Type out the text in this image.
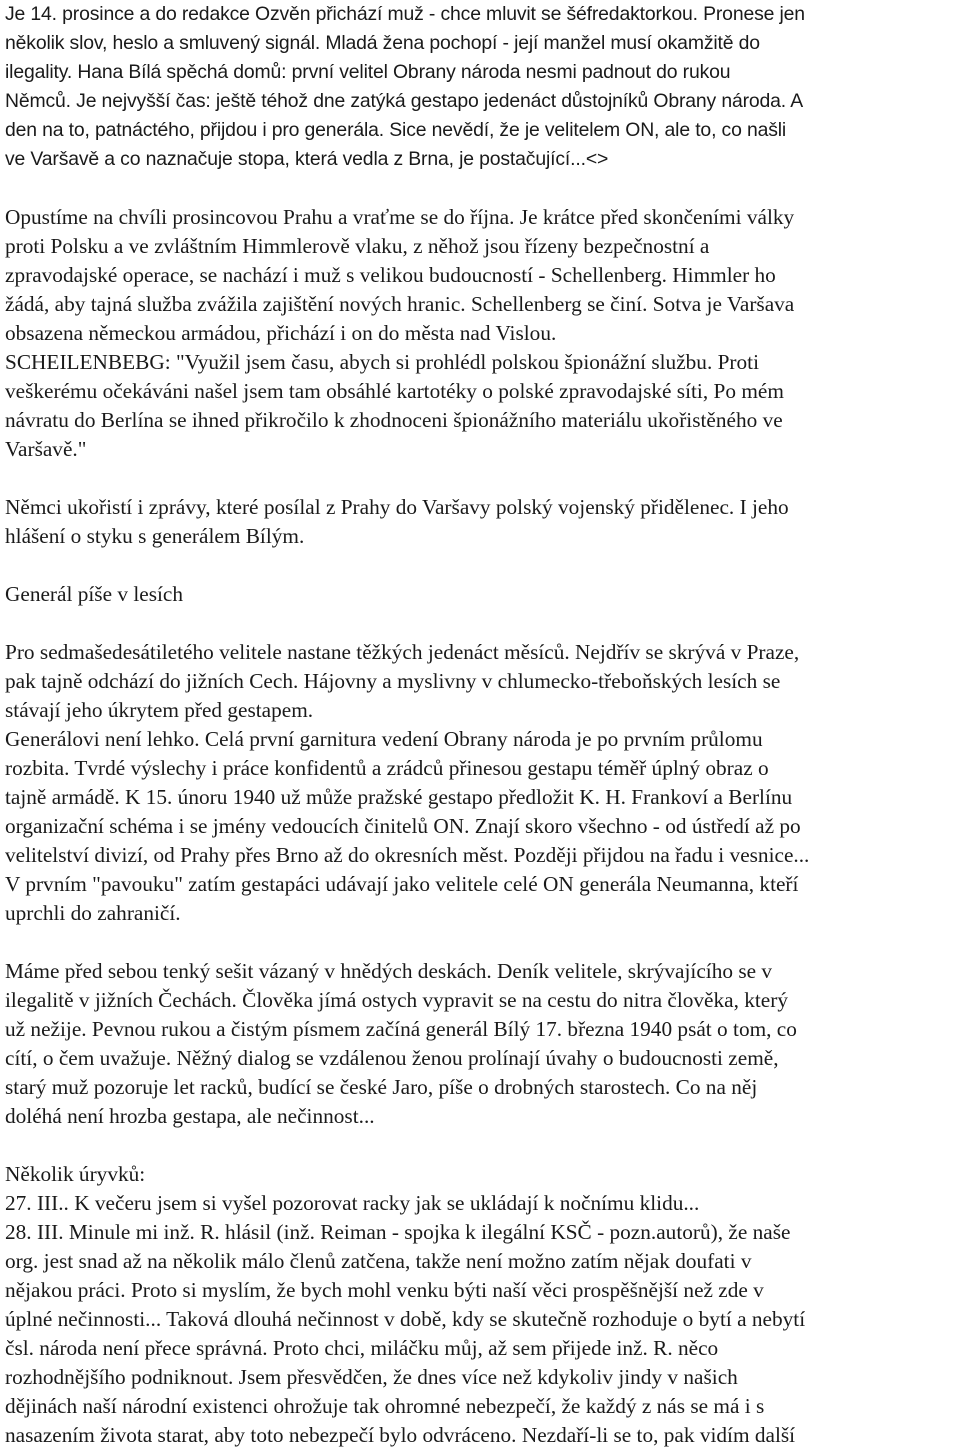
Je 14. prosince a do redakce Ozvěn přichází muž - chce mluvit se šéfredaktorkou. Pronese jen
několik slov, heslo a smluvený signál. Mladá žena pochopí - její manžel musí okamžitě do
ilegality. Hana Bílá spěchá domů: první velitel Obrany národa nesmi padnout do rukou
Němců. Je nejvyšší čas: ještě téhož dne zatýká gestapo jedenáct důstojníků Obrany národa. A
den na to, patnáctého, přijdou i pro generála. Sice nevědí, že je velitelem ON, ale to, co našli
ve Varšavě a co naznačuje stopa, která vedla z Brna, je postačující...<>
Opustíme na chvíli prosincovou Prahu a vraťme se do října. Je krátce před skončeními války
proti Polsku a ve zvláštním Himmlerově vlaku, z něhož jsou řízeny bezpečnostní a
zpravodajské operace, se nachází i muž s velikou budoucností - Schellenberg. Himmler ho
žádá, aby tajná služba zvážila zajištění nových hranic. Schellenberg se činí. Sotva je Varšava
obsazena německou armádou, přichází i on do města nad Vislou.
SCHEILENBEBG: "Využil jsem času, abych si prohlédl polskou špionážní službu. Proti
veškerému očekáváni našel jsem tam obsáhlé kartotéky o polské zpravodajské síti, Po mém
návratu do Berlína se ihned přikročilo k zhodnoceni špionážního materiálu ukořistěného ve
Varšavě."
Němci ukořistí i zprávy, které posílal z Prahy do Varšavy polský vojenský přidělenec. I jeho
hlášení o styku s generálem Bílým.
Generál píše v lesích
Pro sedmašedesátiletého velitele nastane těžkých jedenáct měsíců. Nejdřív se skrývá v Praze,
pak tajně odchází do jižních Cech. Hájovny a myslivny v chlumecko-třeboňských lesích se
stávají jeho úkrytem před gestapem.
Generálovi není lehko. Celá první garnitura vedení Obrany národa je po prvním průlomu
rozbita. Tvrdé výslechy i práce konfidentů a zrádců přinesou gestapu téměř úplný obraz o
tajně armádě. K 15. únoru 1940 už může pražské gestapo předložit K. H. Frankoví a Berlínu
organizační schéma i se jmény vedoucích činitelů ON. Znají skoro všechno - od ústředí až po
velitelství divizí, od Prahy přes Brno až do okresních měst. Později přijdou na řadu i vesnice...
V prvním "pavouku" zatím gestapáci udávají jako velitele celé ON generála Neumanna, kteří
uprchli do zahraničí.
Máme před sebou tenký sešit vázaný v hnědých deskách. Deník velitele, skrývajícího se v
ilegalitě v jižních Čechách. Člověka jímá ostych vypravit se na cestu do nitra člověka, který
už nežije. Pevnou rukou a čistým písmem začíná generál Bílý 17. března 1940 psát o tom, co
cítí, o čem uvažuje. Něžný dialog se vzdálenou ženou prolínají úvahy o budoucnosti země,
starý muž pozoruje let racků, budící se české Jaro, píše o drobných starostech. Co na něj
doléhá není hrozba gestapa, ale nečinnost...
Několik úryvků:
27. III.. K večeru jsem si vyšel pozorovat racky jak se ukládají k nočnímu klidu...
28. III. Minule mi inž. R. hlásil (inž. Reiman - spojka k ilegální KSČ - pozn.autorů), že naše
org. jest snad až na několik málo členů zatčena, takže není možno zatím nějak doufati v
nějakou práci. Proto si myslím, že bych mohl venku býti naší věci prospěšnější než zde v
úplné nečinnosti... Taková dlouhá nečinnost v době, kdy se skutečně rozhoduje o bytí a nebytí
čsl. národa není přece správná. Proto chci, miláčku můj, až sem přijede inž. R. něco
rozhodnějšího podniknout. Jsem přesvědčen, že dnes více než kdykoliv jindy v našich
dějinách naší národní existenci ohrožuje tak ohromné nebezpečí, že každý z nás se má i s
nasazením života starat, aby toto nebezpečí bylo odvráceno. Nezdaří-li se to, pak vidím další
